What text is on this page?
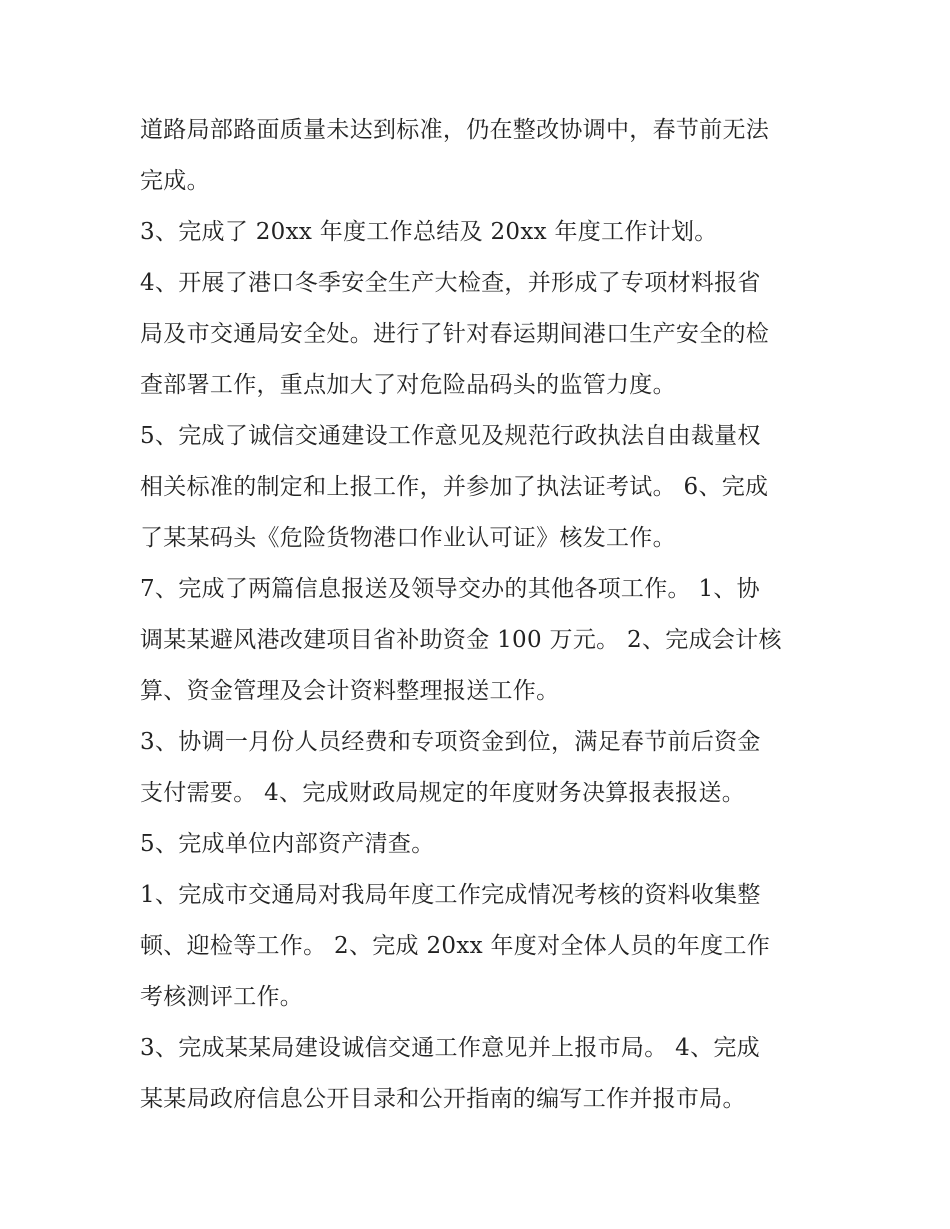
道路局部路面质量未达到标准，仍在整改协调中，春节前无法
完成。
3、完成了 20xx 年度工作总结及 20xx 年度工作计划。
4、开展了港口冬季安全生产大检查，并形成了专项材料报省
局及市交通局安全处。进行了针对春运期间港口生产安全的检
查部署工作，重点加大了对危险品码头的监管力度。
5、完成了诚信交通建设工作意见及规范行政执法自由裁量权
相关标准的制定和上报工作，并参加了执法证考试。 6、完成
了某某码头《危险货物港口作业认可证》核发工作。
7、完成了两篇信息报送及领导交办的其他各项工作。 1、协
调某某避风港改建项目省补助资金 100 万元。 2、完成会计核
算、资金管理及会计资料整理报送工作。
3、协调一月份人员经费和专项资金到位，满足春节前后资金
支付需要。 4、完成财政局规定的年度财务决算报表报送。
5、完成单位内部资产清查。
1、完成市交通局对我局年度工作完成情况考核的资料收集整
顿、迎检等工作。 2、完成 20xx 年度对全体人员的年度工作
考核测评工作。
3、完成某某局建设诚信交通工作意见并上报市局。 4、完成
某某局政府信息公开目录和公开指南的编写工作并报市局。
